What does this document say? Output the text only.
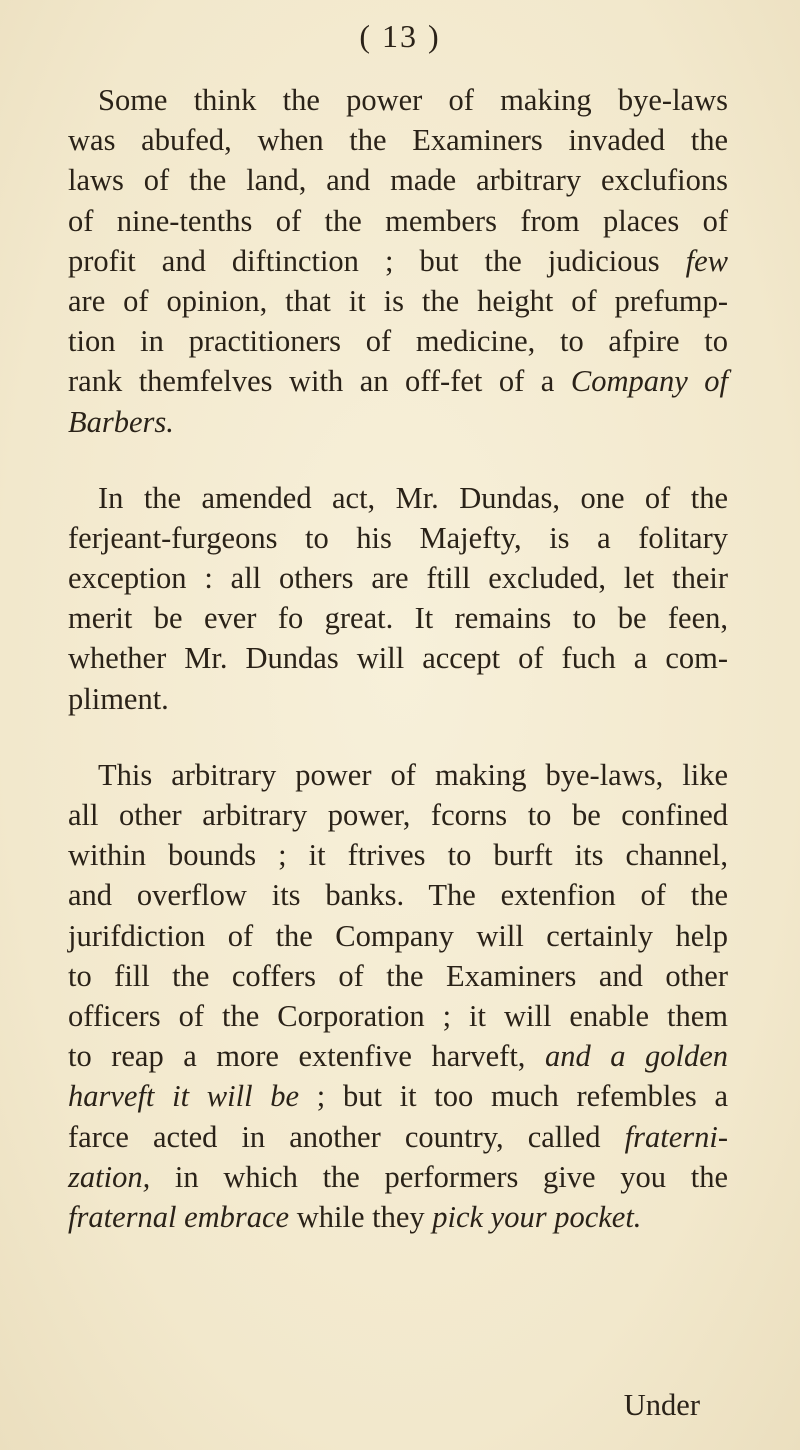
( 13 )
Some think the power of making bye-laws
was abufed, when the Examiners invaded the
laws of the land, and made arbitrary exclufions
of nine-tenths of the members from places of
profit and diftinction ; but the judicious few
are of opinion, that it is the height of prefump-
tion in practitioners of medicine, to afpire to
rank themfelves with an off-fet of a Company of
Barbers.
In the amended act, Mr. Dundas, one of the
ferjeant-furgeons to his Majefty, is a folitary
exception : all others are ftill excluded, let their
merit be ever fo great. It remains to be feen,
whether Mr. Dundas will accept of fuch a com-
pliment.
This arbitrary power of making bye-laws, like
all other arbitrary power, fcorns to be confined
within bounds ; it ftrives to burft its channel,
and overflow its banks. The extenfion of the
jurifdiction of the Company will certainly help
to fill the coffers of the Examiners and other
officers of the Corporation ; it will enable them
to reap a more extenfive harveft, and a golden
harveft it will be ; but it too much refembles a
farce acted in another country, called fraterni-
zation, in which the performers give you the
fraternal embrace while they pick your pocket.
Under
